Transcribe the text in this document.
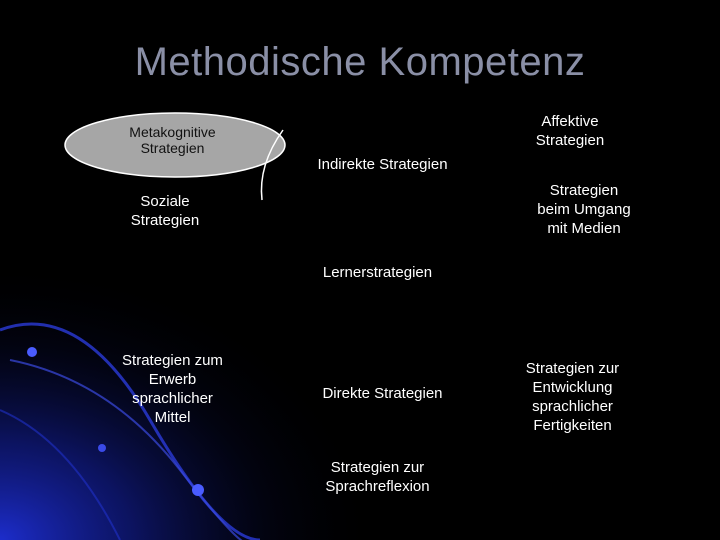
Methodische Kompetenz
Metakognitive
Strategien
Affektive
Strategien
Indirekte Strategien
Soziale
Strategien
Strategien
beim Umgang
mit Medien
Lernerstrategien
Strategien zum
Erwerb
sprachlicher
Mittel
Direkte Strategien
Strategien zur
Entwicklung
sprachlicher
Fertigkeiten
Strategien zur
Sprachreflexion
